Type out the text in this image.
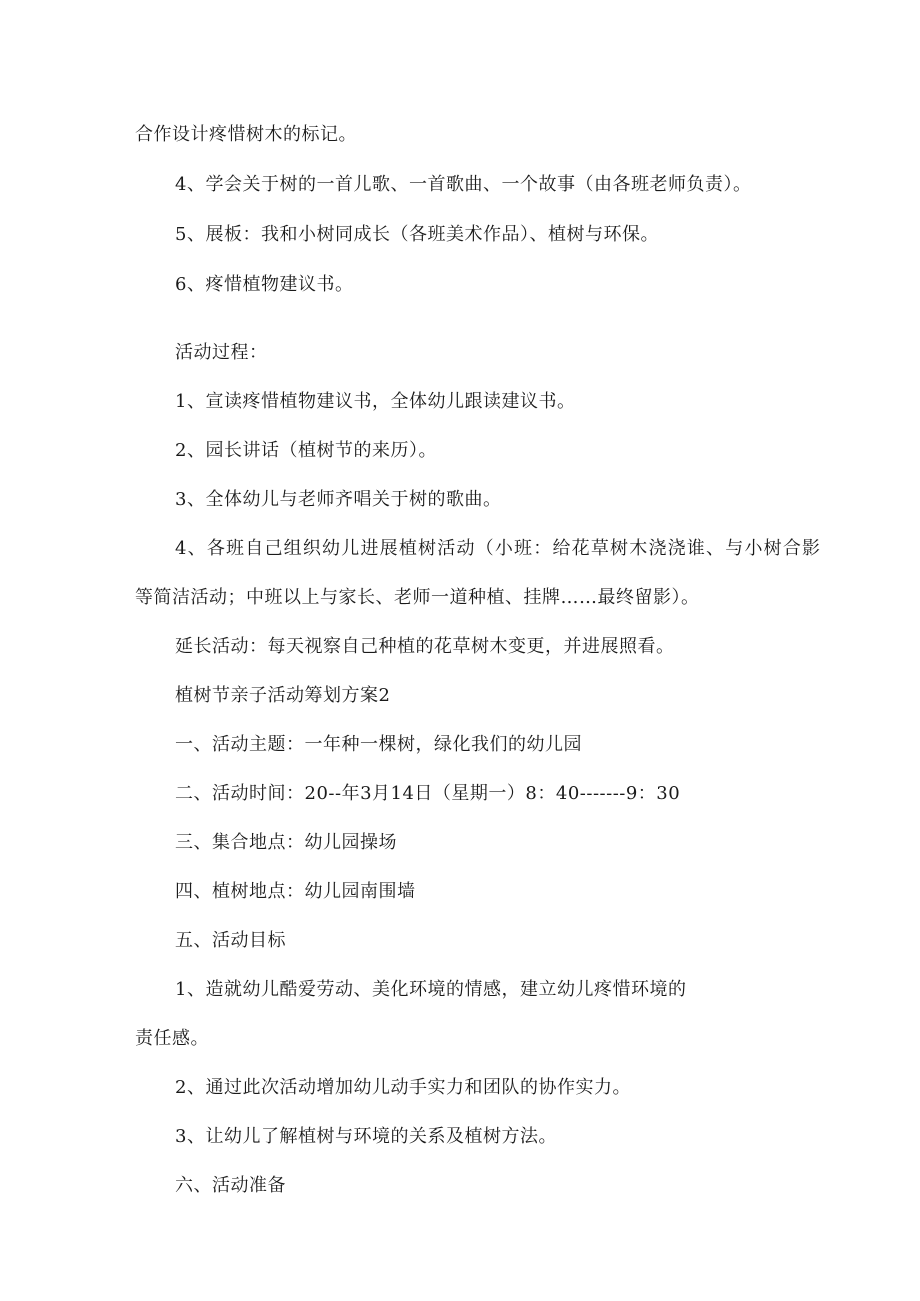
合作设计疼惜树木的标记。
4、学会关于树的一首儿歌、一首歌曲、一个故事（由各班老师负责）。
5、展板：我和小树同成长（各班美术作品）、植树与环保。
6、疼惜植物建议书。
活动过程：
1、宣读疼惜植物建议书，全体幼儿跟读建议书。
2、园长讲话（植树节的来历）。
3、全体幼儿与老师齐唱关于树的歌曲。
4、各班自己组织幼儿进展植树活动（小班：给花草树木浇浇谁、与小树合影
等简洁活动；中班以上与家长、老师一道种植、挂牌……最终留影）。
延长活动：每天视察自己种植的花草树木变更，并进展照看。
植树节亲子活动筹划方案2
一、活动主题：一年种一棵树，绿化我们的幼儿园
二、活动时间：20--年3月14日（星期一）8：40-------9：30
三、集合地点：幼儿园操场
四、植树地点：幼儿园南围墙
五、活动目标
1、造就幼儿酷爱劳动、美化环境的情感，建立幼儿疼惜环境的
责任感。
2、通过此次活动增加幼儿动手实力和团队的协作实力。
3、让幼儿了解植树与环境的关系及植树方法。
六、活动准备
